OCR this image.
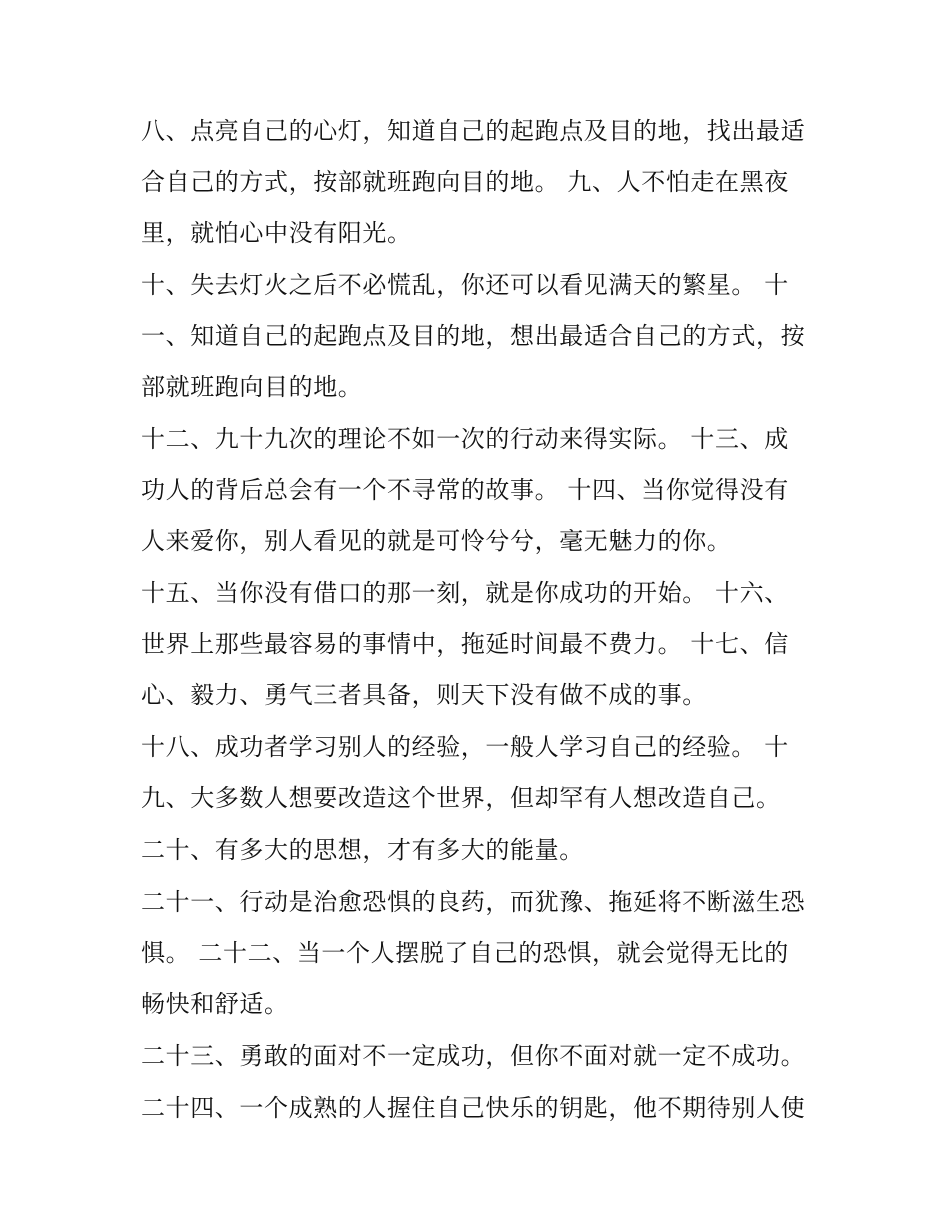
八、点亮自己的心灯，知道自己的起跑点及目的地，找出最适
合自己的方式，按部就班跑向目的地。 九、人不怕走在黑夜
里，就怕心中没有阳光。

十、失去灯火之后不必慌乱，你还可以看见满天的繁星。 十
一、知道自己的起跑点及目的地，想出最适合自己的方式，按
部就班跑向目的地。

十二、九十九次的理论不如一次的行动来得实际。 十三、成
功人的背后总会有一个不寻常的故事。 十四、当你觉得没有
人来爱你，别人看见的就是可怜兮兮，毫无魅力的你。

十五、当你没有借口的那一刻，就是你成功的开始。 十六、
世界上那些最容易的事情中，拖延时间最不费力。 十七、信
心、毅力、勇气三者具备，则天下没有做不成的事。

十八、成功者学习别人的经验，一般人学习自己的经验。 十
九、大多数人想要改造这个世界，但却罕有人想改造自己。

二十、有多大的思想，才有多大的能量。

二十一、行动是治愈恐惧的良药，而犹豫、拖延将不断滋生恐
惧。 二十二、当一个人摆脱了自己的恐惧，就会觉得无比的
畅快和舒适。

二十三、勇敢的面对不一定成功，但你不面对就一定不成功。

二十四、一个成熟的人握住自己快乐的钥匙，他不期待别人使
